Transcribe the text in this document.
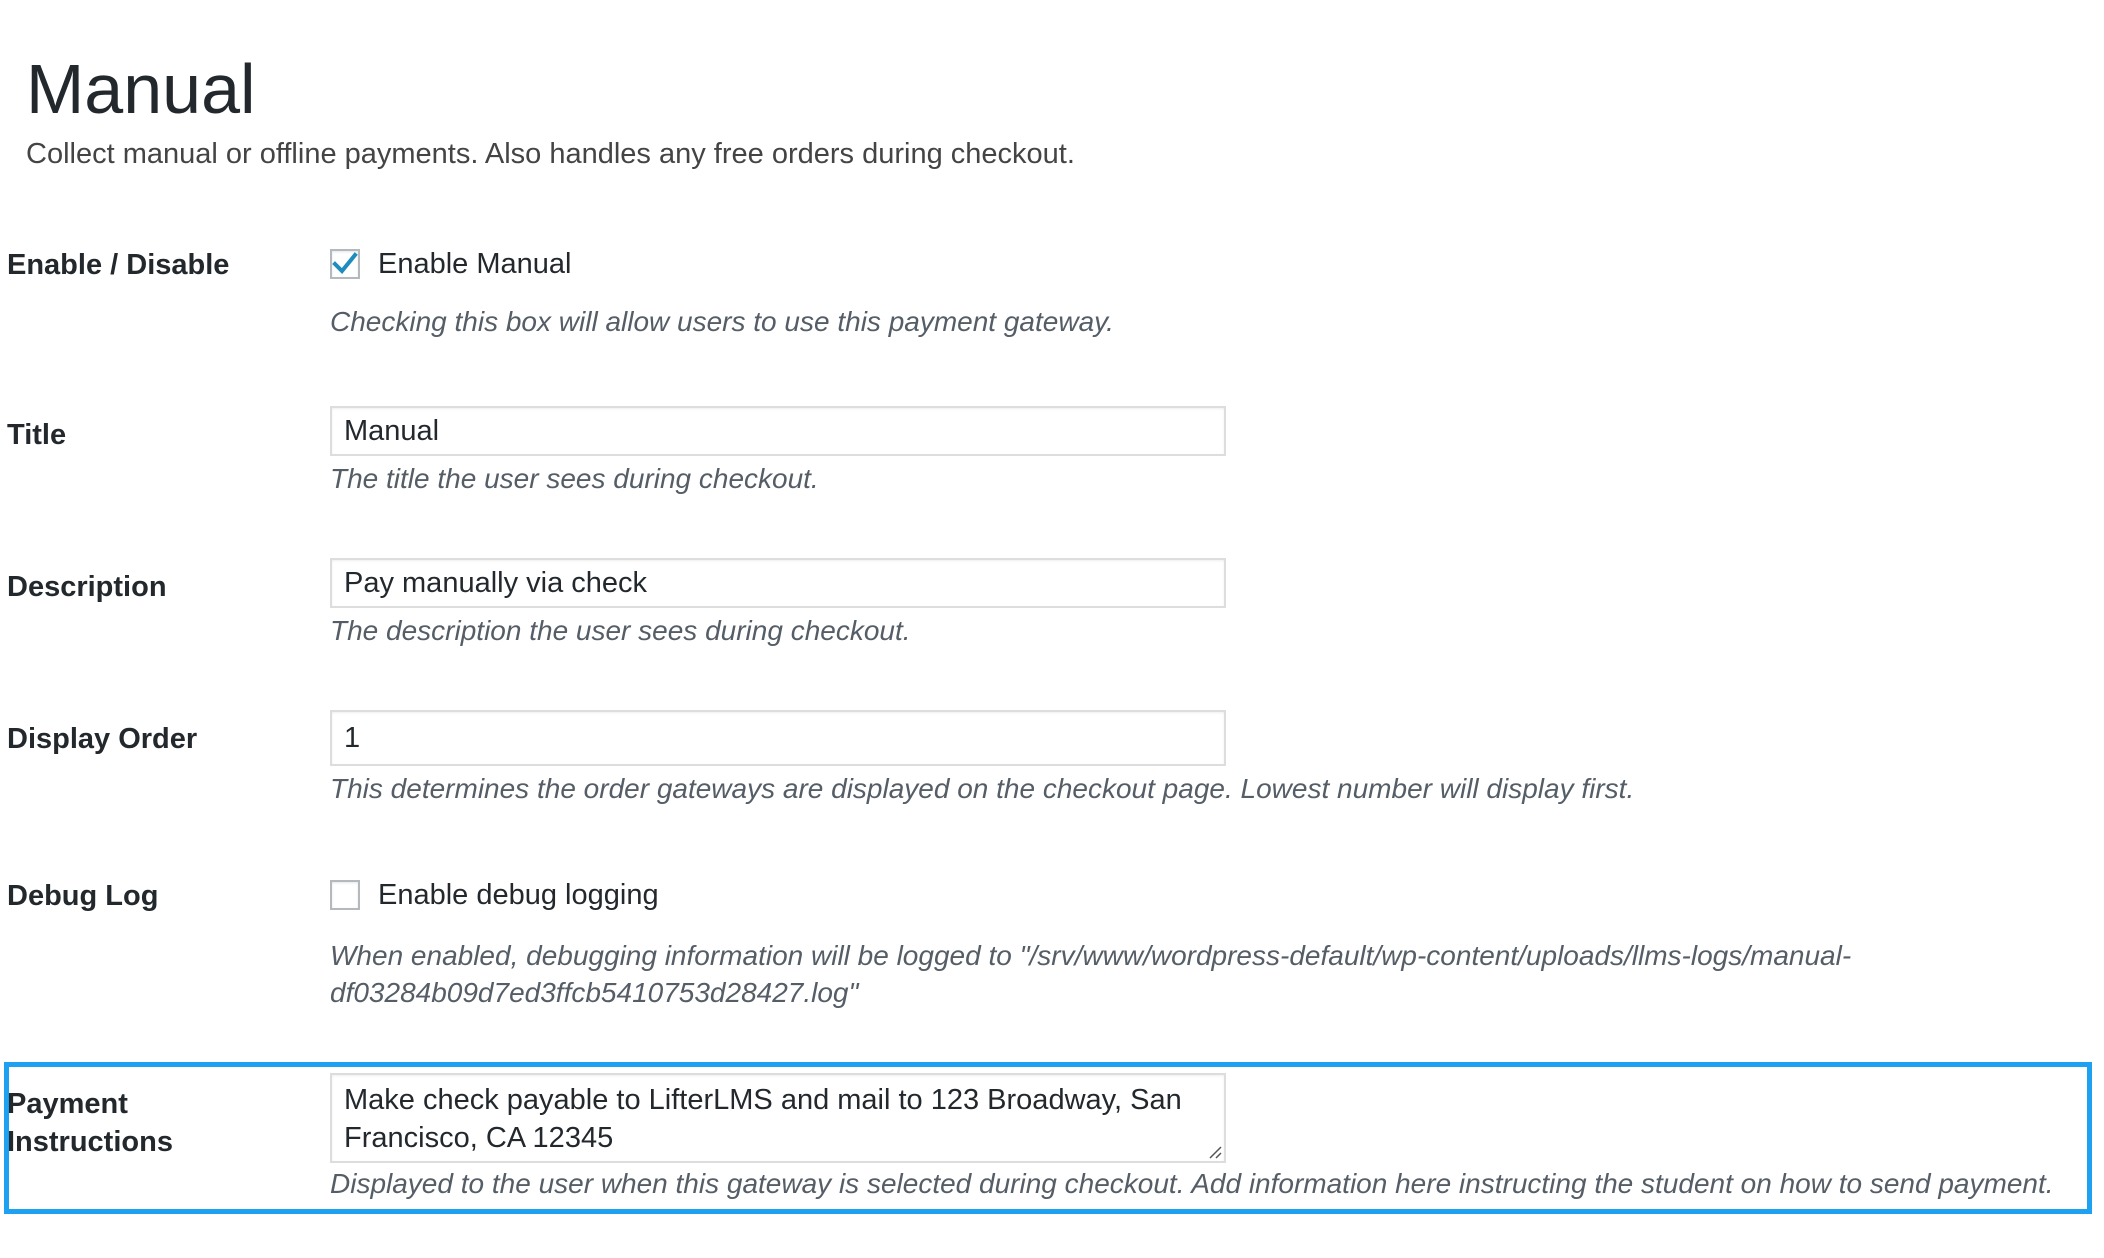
Manual

Collect manual or offline payments. Also handles any free orders during checkout.

Enable / Disable	Enable Manual

Checking this box will allow users to use this payment gateway.

Title
Manual

The title the user sees during checkout.

Description
Pay manually via check

The description the user sees during checkout.

Display Order
1

This determines the order gateways are displayed on the checkout page. Lowest number will display first.

Debug Log	Enable debug logging

When enabled, debugging information will be logged to "/srv/www/wordpress-default/wp-content/uploads/llms-logs/manual-

df03284b09d7ed3ffcb5410753d28427.log"

Payment
Instructions
Make check payable to LifterLMS and mail to 123 Broadway, San Francisco, CA 12345

Displayed to the user when this gateway is selected during checkout. Add information here instructing the student on how to send payment.
